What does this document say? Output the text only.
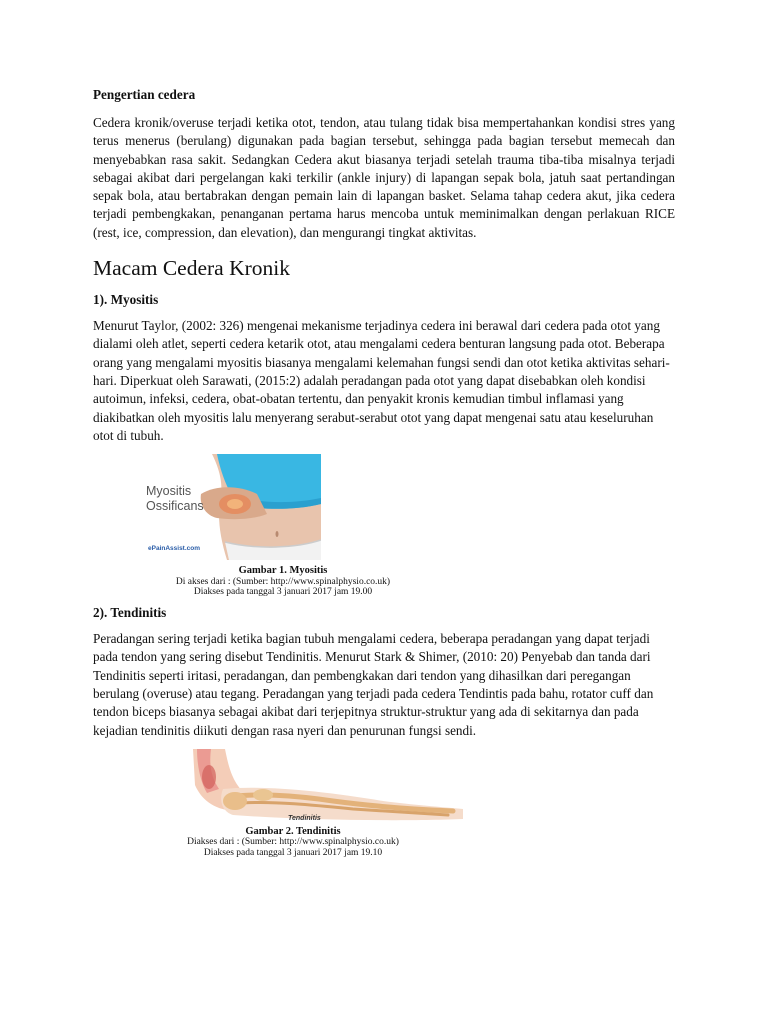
Pengertian cedera

Cedera kronik/overuse terjadi ketika otot, tendon, atau tulang tidak bisa mempertahankan kondisi stres yang terus menerus (berulang) digunakan pada bagian tersebut, sehingga pada bagian tersebut memecah dan menyebabkan rasa sakit. Sedangkan Cedera akut biasanya terjadi setelah trauma tiba-tiba misalnya terjadi sebagai akibat dari pergelangan kaki terkilir (ankle injury) di lapangan sepak bola, jatuh saat pertandingan sepak bola, atau bertabrakan dengan pemain lain di lapangan basket. Selama tahap cedera akut, jika cedera terjadi pembengkakan, penanganan pertama harus mencoba untuk meminimalkan dengan perlakuan RICE (rest, ice, compression, dan elevation), dan mengurangi tingkat aktivitas.

Macam Cedera Kronik
1). Myositis

Menurut Taylor, (2002: 326) mengenai mekanisme terjadinya cedera ini berawal dari cedera pada otot yang dialami oleh atlet, seperti cedera ketarik otot, atau mengalami cedera benturan langsung pada otot. Beberapa orang yang mengalami myositis biasanya mengalami kelemahan fungsi sendi dan otot ketika aktivitas sehari-hari. Diperkuat oleh Sarawati, (2015:2) adalah peradangan pada otot yang dapat disebabkan oleh kondisi autoimun, infeksi, cedera, obat-obatan tertentu, dan penyakit kronis kemudian timbul inflamasi yang diakibatkan oleh myositis lalu menyerang serabut-serabut otot yang dapat mengenai satu atau keseluruhan otot di tubuh.

Myositis
Ossificans
ePainAssist.com
Gambar 1. Myositis
Di akses dari : (Sumber: http://www.spinalphysio.co.uk)
Diakses pada tanggal 3 januari 2017 jam 19.00
2). Tendinitis

Peradangan sering terjadi ketika bagian tubuh mengalami cedera, beberapa peradangan yang dapat terjadi pada tendon yang sering disebut Tendinitis. Menurut Stark & Shimer, (2010: 20) Penyebab dan tanda dari Tendinitis seperti iritasi, peradangan, dan pembengkakan dari tendon yang dihasilkan dari peregangan berulang (overuse) atau tegang. Peradangan yang terjadi pada cedera Tendintis pada bahu, rotator cuff dan tendon biceps biasanya sebagai akibat dari terjepitnya struktur-struktur yang ada di sekitarnya dan pada kejadian tendinitis diikuti dengan rasa nyeri dan penurunan fungsi sendi.

Tendinitis
Gambar 2. Tendinitis
Diakses dari : (Sumber: http://www.spinalphysio.co.uk)
Diakses pada tanggal 3 januari 2017 jam 19.10
